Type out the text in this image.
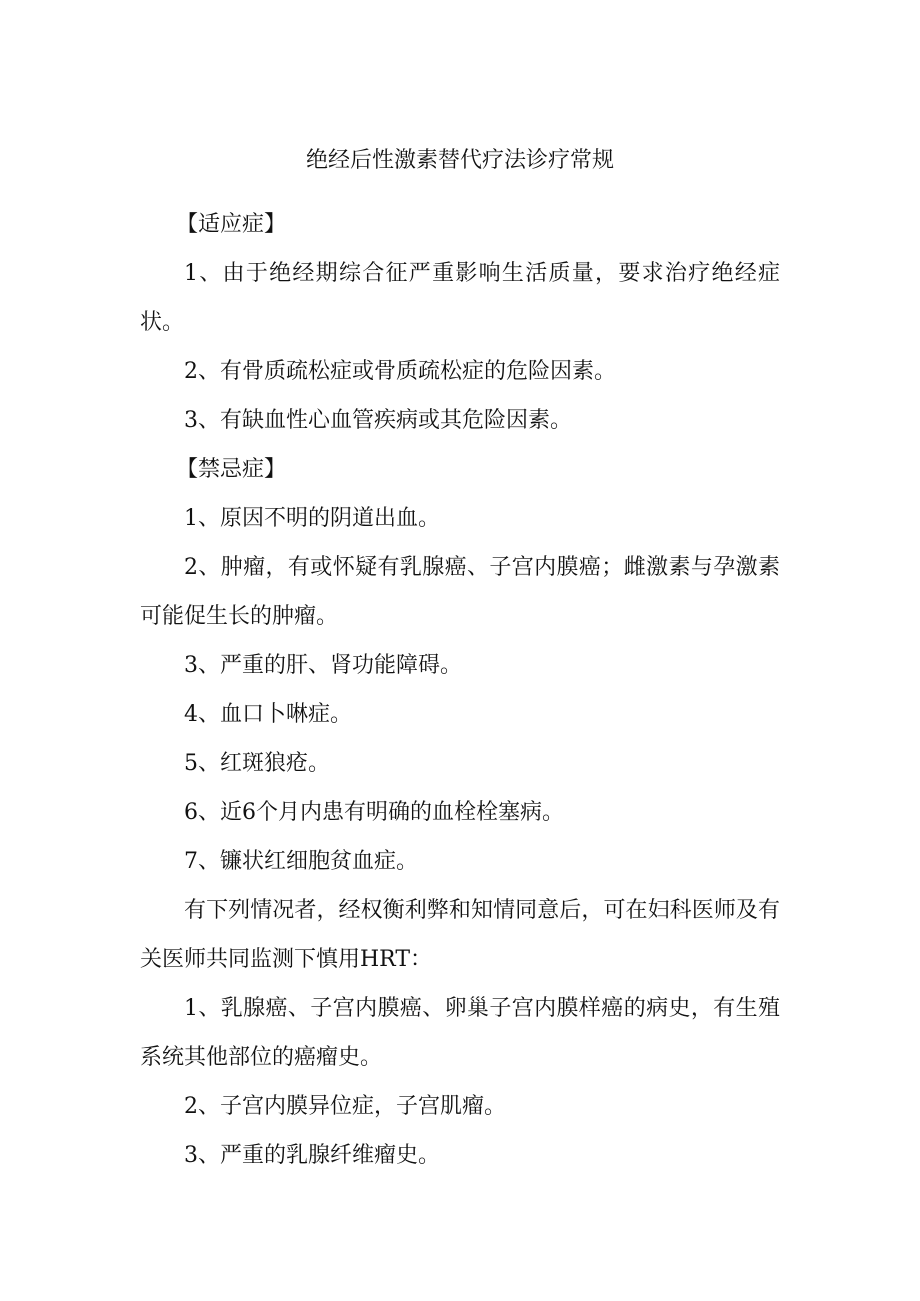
绝经后性激素替代疗法诊疗常规

【适应症】

1、由于绝经期综合征严重影响生活质量，要求治疗绝经症状。

2、有骨质疏松症或骨质疏松症的危险因素。

3、有缺血性心血管疾病或其危险因素。

【禁忌症】

1、原因不明的阴道出血。

2、肿瘤，有或怀疑有乳腺癌、子宫内膜癌；雌激素与孕激素可能促生长的肿瘤。

3、严重的肝、肾功能障碍。

4、血口卜啉症。

5、红斑狼疮。

6、近6个月内患有明确的血栓栓塞病。

7、镰状红细胞贫血症。

有下列情况者，经权衡利弊和知情同意后，可在妇科医师及有关医师共同监测下慎用HRT：

1、乳腺癌、子宫内膜癌、卵巢子宫内膜样癌的病史，有生殖系统其他部位的癌瘤史。

2、子宫内膜异位症，子宫肌瘤。

3、严重的乳腺纤维瘤史。
